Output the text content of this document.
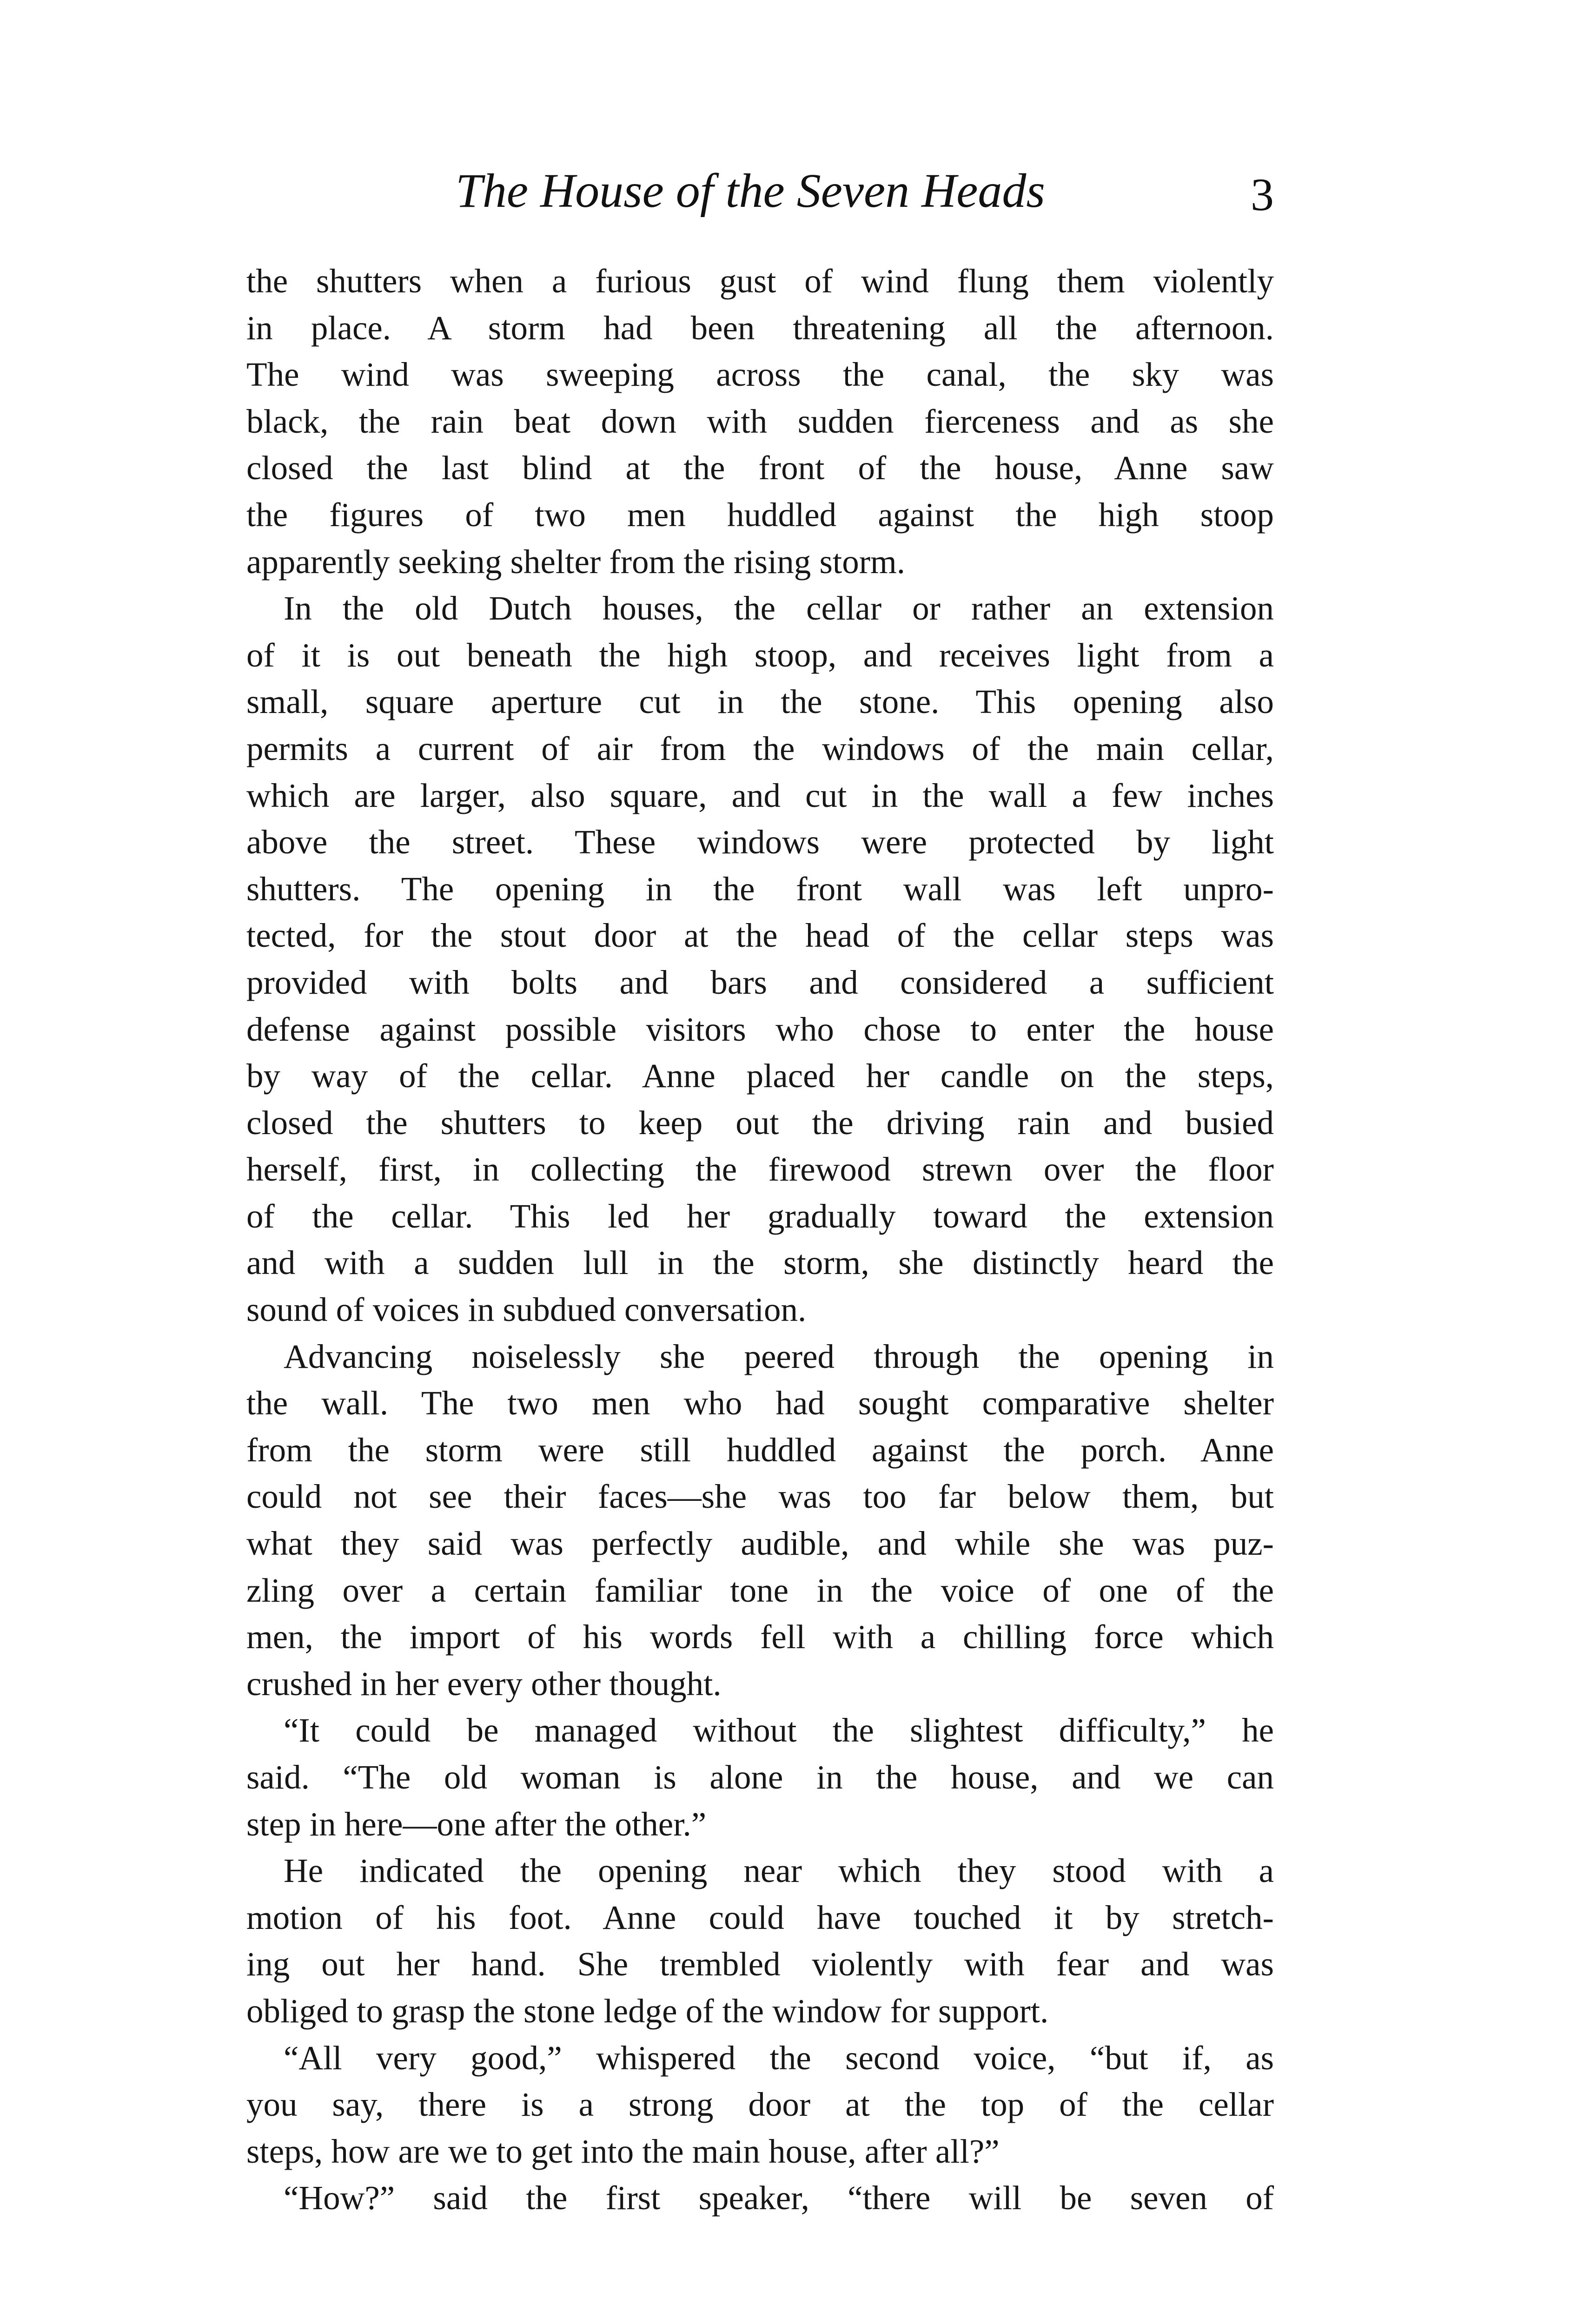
The House of the Seven Heads	3
the shutters when a furious gust of wind flung them violently
in place. A storm had been threatening all the afternoon.
The wind was sweeping across the canal, the sky was
black, the rain beat down with sudden fierceness and as she
closed the last blind at the front of the house, Anne saw
the figures of two men huddled against the high stoop
apparently seeking shelter from the rising storm.
In the old Dutch houses, the cellar or rather an extension
of it is out beneath the high stoop, and receives light from a
small, square aperture cut in the stone. This opening also
permits a current of air from the windows of the main cellar,
which are larger, also square, and cut in the wall a few inches
above the street. These windows were protected by light
shutters. The opening in the front wall was left unpro-
tected, for the stout door at the head of the cellar steps was
provided with bolts and bars and considered a sufficient
defense against possible visitors who chose to enter the house
by way of the cellar. Anne placed her candle on the steps,
closed the shutters to keep out the driving rain and busied
herself, first, in collecting the firewood strewn over the floor
of the cellar. This led her gradually toward the extension
and with a sudden lull in the storm, she distinctly heard the
sound of voices in subdued conversation.
Advancing noiselessly she peered through the opening in
the wall. The two men who had sought comparative shelter
from the storm were still huddled against the porch. Anne
could not see their faces—she was too far below them, but
what they said was perfectly audible, and while she was puz-
zling over a certain familiar tone in the voice of one of the
men, the import of his words fell with a chilling force which
crushed in her every other thought.
“It could be managed without the slightest difficulty,” he
said. “The old woman is alone in the house, and we can
step in here—one after the other.”
He indicated the opening near which they stood with a
motion of his foot. Anne could have touched it by stretch-
ing out her hand. She trembled violently with fear and was
obliged to grasp the stone ledge of the window for support.
“All very good,” whispered the second voice, “but if, as
you say, there is a strong door at the top of the cellar
steps, how are we to get into the main house, after all?”
“How?” said the first speaker, “there will be seven of
